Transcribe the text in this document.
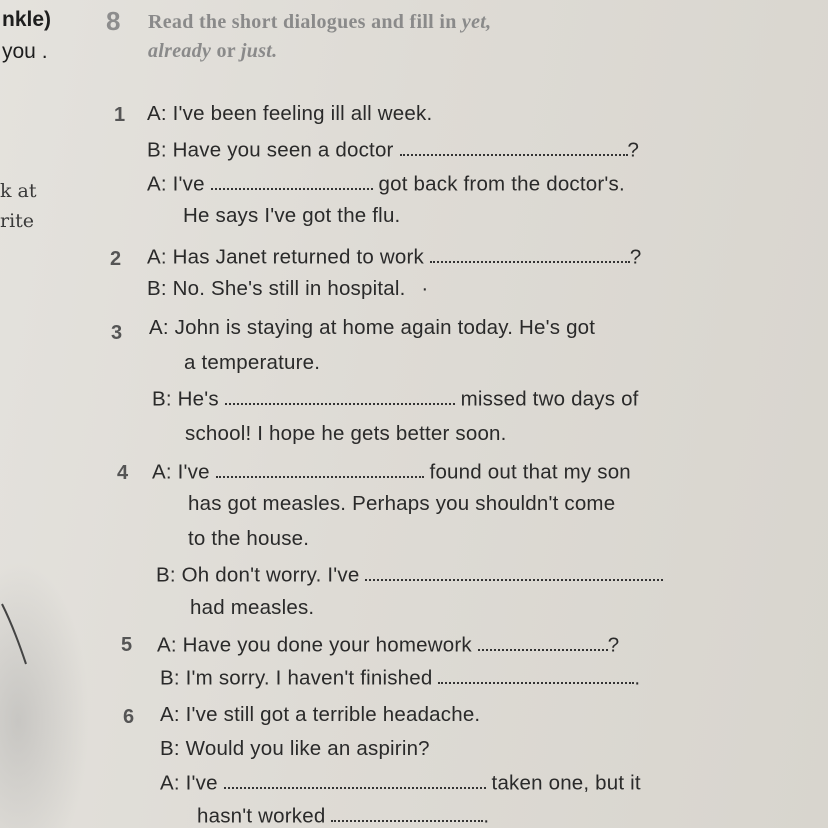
nkle)
you .
k at
rite
8 Read the short dialogues and fill in yet,
already or just.
1 A: I've been feeling ill all week.
B: Have you seen a doctor	?
A: I've	got back from the doctor's.
He says I've got the flu.
2 A: Has Janet returned to work	?
B: No. She's still in hospital. ·
3 A: John is staying at home again today. He's got
a temperature.
B: He's	missed two days of
school! I hope he gets better soon.
4 A: I've	found out that my son
has got measles. Perhaps you shouldn't come
to the house.
B: Oh don't worry. I've
had measles.
5 A: Have you done your homework	?
B: I'm sorry. I haven't finished	.
6 A: I've still got a terrible headache.
B: Would you like an aspirin?
A: I've	taken one, but it
hasn't worked	.
